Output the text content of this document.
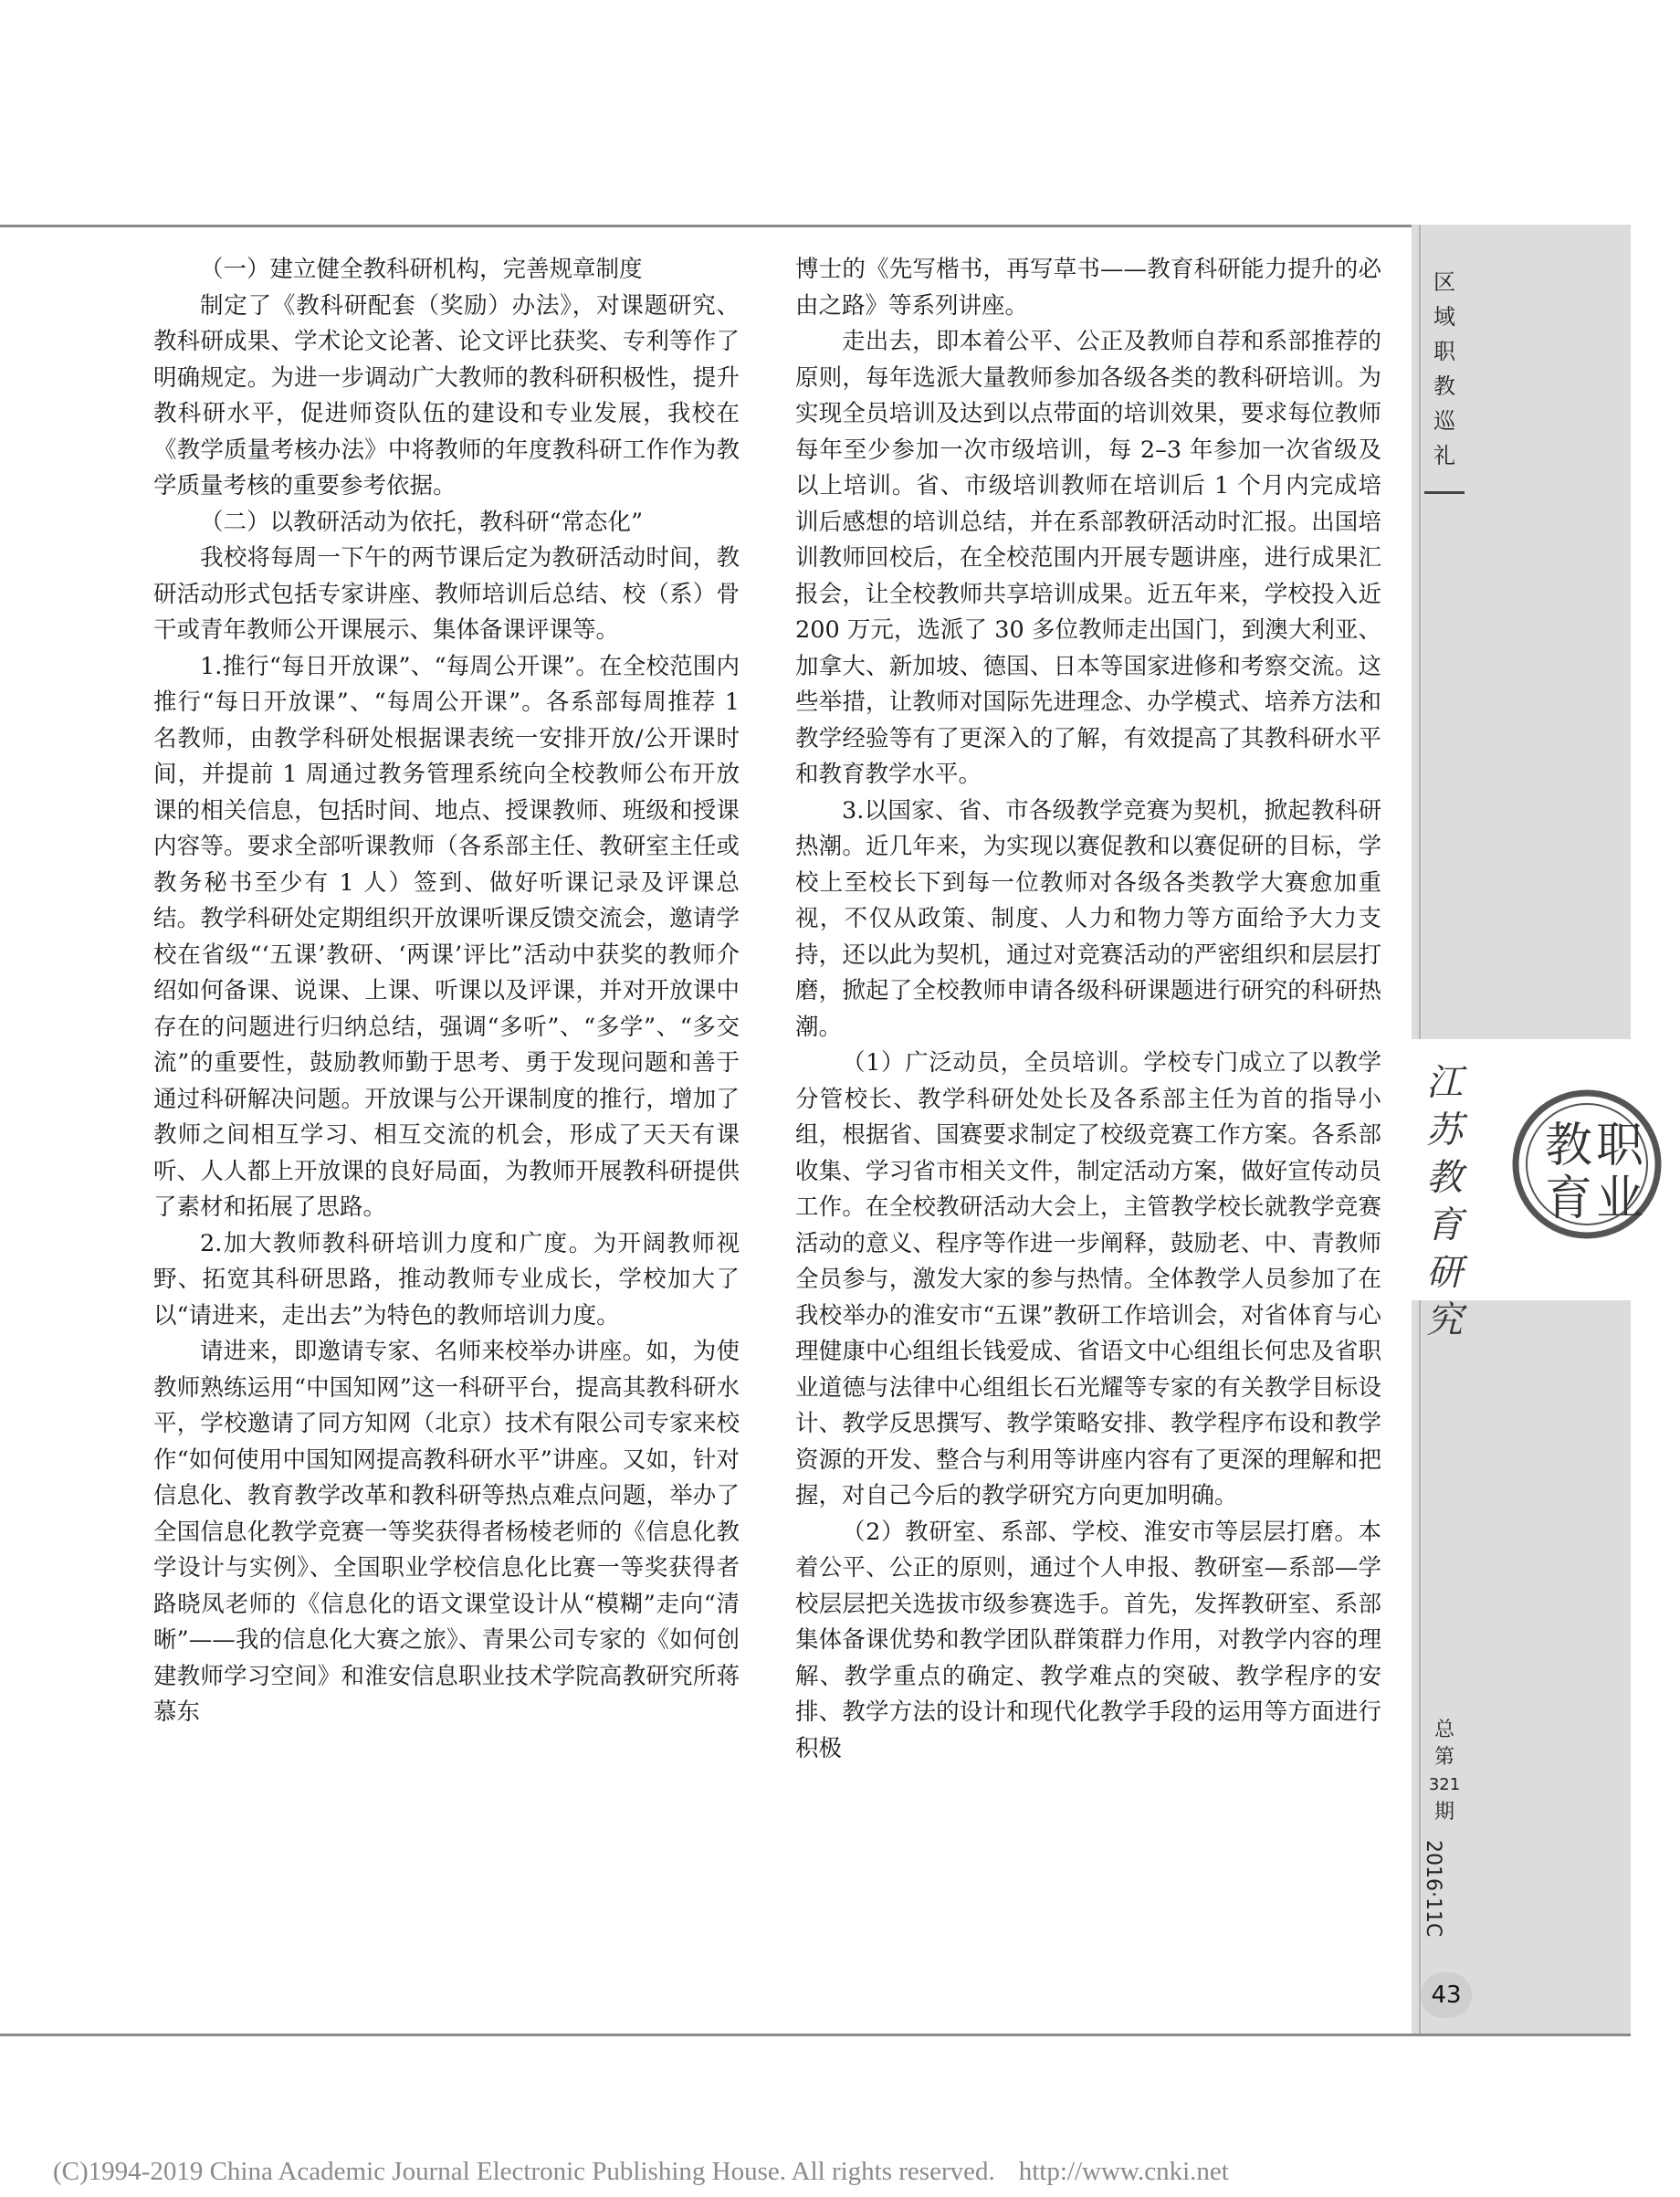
（一）建立健全教科研机构，完善规章制度

制定了《教科研配套（奖励）办法》，对课题研究、教科研成果、学术论文论著、论文评比获奖、专利等作了明确规定。为进一步调动广大教师的教科研积极性，提升教科研水平，促进师资队伍的建设和专业发展，我校在《教学质量考核办法》中将教师的年度教科研工作作为教学质量考核的重要参考依据。

（二）以教研活动为依托，教科研“常态化”

我校将每周一下午的两节课后定为教研活动时间，教研活动形式包括专家讲座、教师培训后总结、校（系）骨干或青年教师公开课展示、集体备课评课等。

1.推行“每日开放课”、“每周公开课”。在全校范围内推行“每日开放课”、“每周公开课”。各系部每周推荐 1 名教师，由教学科研处根据课表统一安排开放/公开课时间，并提前 1 周通过教务管理系统向全校教师公布开放课的相关信息，包括时间、地点、授课教师、班级和授课内容等。要求全部听课教师（各系部主任、教研室主任或教务秘书至少有 1 人）签到、做好听课记录及评课总结。教学科研处定期组织开放课听课反馈交流会，邀请学校在省级“‘五课’教研、‘两课’评比”活动中获奖的教师介绍如何备课、说课、上课、听课以及评课，并对开放课中存在的问题进行归纳总结，强调“多听”、“多学”、“多交流”的重要性，鼓励教师勤于思考、勇于发现问题和善于通过科研解决问题。开放课与公开课制度的推行，增加了教师之间相互学习、相互交流的机会，形成了天天有课听、人人都上开放课的良好局面，为教师开展教科研提供了素材和拓展了思路。

2.加大教师教科研培训力度和广度。为开阔教师视野、拓宽其科研思路，推动教师专业成长，学校加大了以“请进来，走出去”为特色的教师培训力度。

请进来，即邀请专家、名师来校举办讲座。如，为使教师熟练运用“中国知网”这一科研平台，提高其教科研水平，学校邀请了同方知网（北京）技术有限公司专家来校作“如何使用中国知网提高教科研水平”讲座。又如，针对信息化、教育教学改革和教科研等热点难点问题，举办了全国信息化教学竞赛一等奖获得者杨棱老师的《信息化教学设计与实例》、全国职业学校信息化比赛一等奖获得者路晓凤老师的《信息化的语文课堂设计从“模糊”走向“清晰”——我的信息化大赛之旅》、青果公司专家的《如何创建教师学习空间》和淮安信息职业技术学院高教研究所蒋慕东

博士的《先写楷书，再写草书——教育科研能力提升的必由之路》等系列讲座。

走出去，即本着公平、公正及教师自荐和系部推荐的原则，每年选派大量教师参加各级各类的教科研培训。为实现全员培训及达到以点带面的培训效果，要求每位教师每年至少参加一次市级培训，每 2–3 年参加一次省级及以上培训。省、市级培训教师在培训后 1 个月内完成培训后感想的培训总结，并在系部教研活动时汇报。出国培训教师回校后，在全校范围内开展专题讲座，进行成果汇报会，让全校教师共享培训成果。近五年来，学校投入近 200 万元，选派了 30 多位教师走出国门，到澳大利亚、加拿大、新加坡、德国、日本等国家进修和考察交流。这些举措，让教师对国际先进理念、办学模式、培养方法和教学经验等有了更深入的了解，有效提高了其教科研水平和教育教学水平。

3.以国家、省、市各级教学竞赛为契机，掀起教科研热潮。近几年来，为实现以赛促教和以赛促研的目标，学校上至校长下到每一位教师对各级各类教学大赛愈加重视，不仅从政策、制度、人力和物力等方面给予大力支持，还以此为契机，通过对竞赛活动的严密组织和层层打磨，掀起了全校教师申请各级科研课题进行研究的科研热潮。

（1）广泛动员，全员培训。学校专门成立了以教学分管校长、教学科研处处长及各系部主任为首的指导小组，根据省、国赛要求制定了校级竞赛工作方案。各系部收集、学习省市相关文件，制定活动方案，做好宣传动员工作。在全校教研活动大会上，主管教学校长就教学竞赛活动的意义、程序等作进一步阐释，鼓励老、中、青教师全员参与，激发大家的参与热情。全体教学人员参加了在我校举办的淮安市“五课”教研工作培训会，对省体育与心理健康中心组组长钱爱成、省语文中心组组长何忠及省职业道德与法律中心组组长石光耀等专家的有关教学目标设计、教学反思撰写、教学策略安排、教学程序布设和教学资源的开发、整合与利用等讲座内容有了更深的理解和把握，对自己今后的教学研究方向更加明确。

（2）教研室、系部、学校、淮安市等层层打磨。本着公平、公正的原则，通过个人申报、教研室—系部—学校层层把关选拔市级参赛选手。首先，发挥教研室、系部集体备课优势和教学团队群策群力作用，对教学内容的理解、教学重点的确定、教学难点的突破、教学程序的安排、教学方法的设计和现代化教学手段的运用等方面进行积极

区
域
职
教
巡
礼
江
苏
教
育
研
究
职
教
业
育
总
第
321
期
2016·11C
43
(C)1994-2019 China Academic Journal Electronic Publishing House. All rights reserved. http://www.cnki.net
